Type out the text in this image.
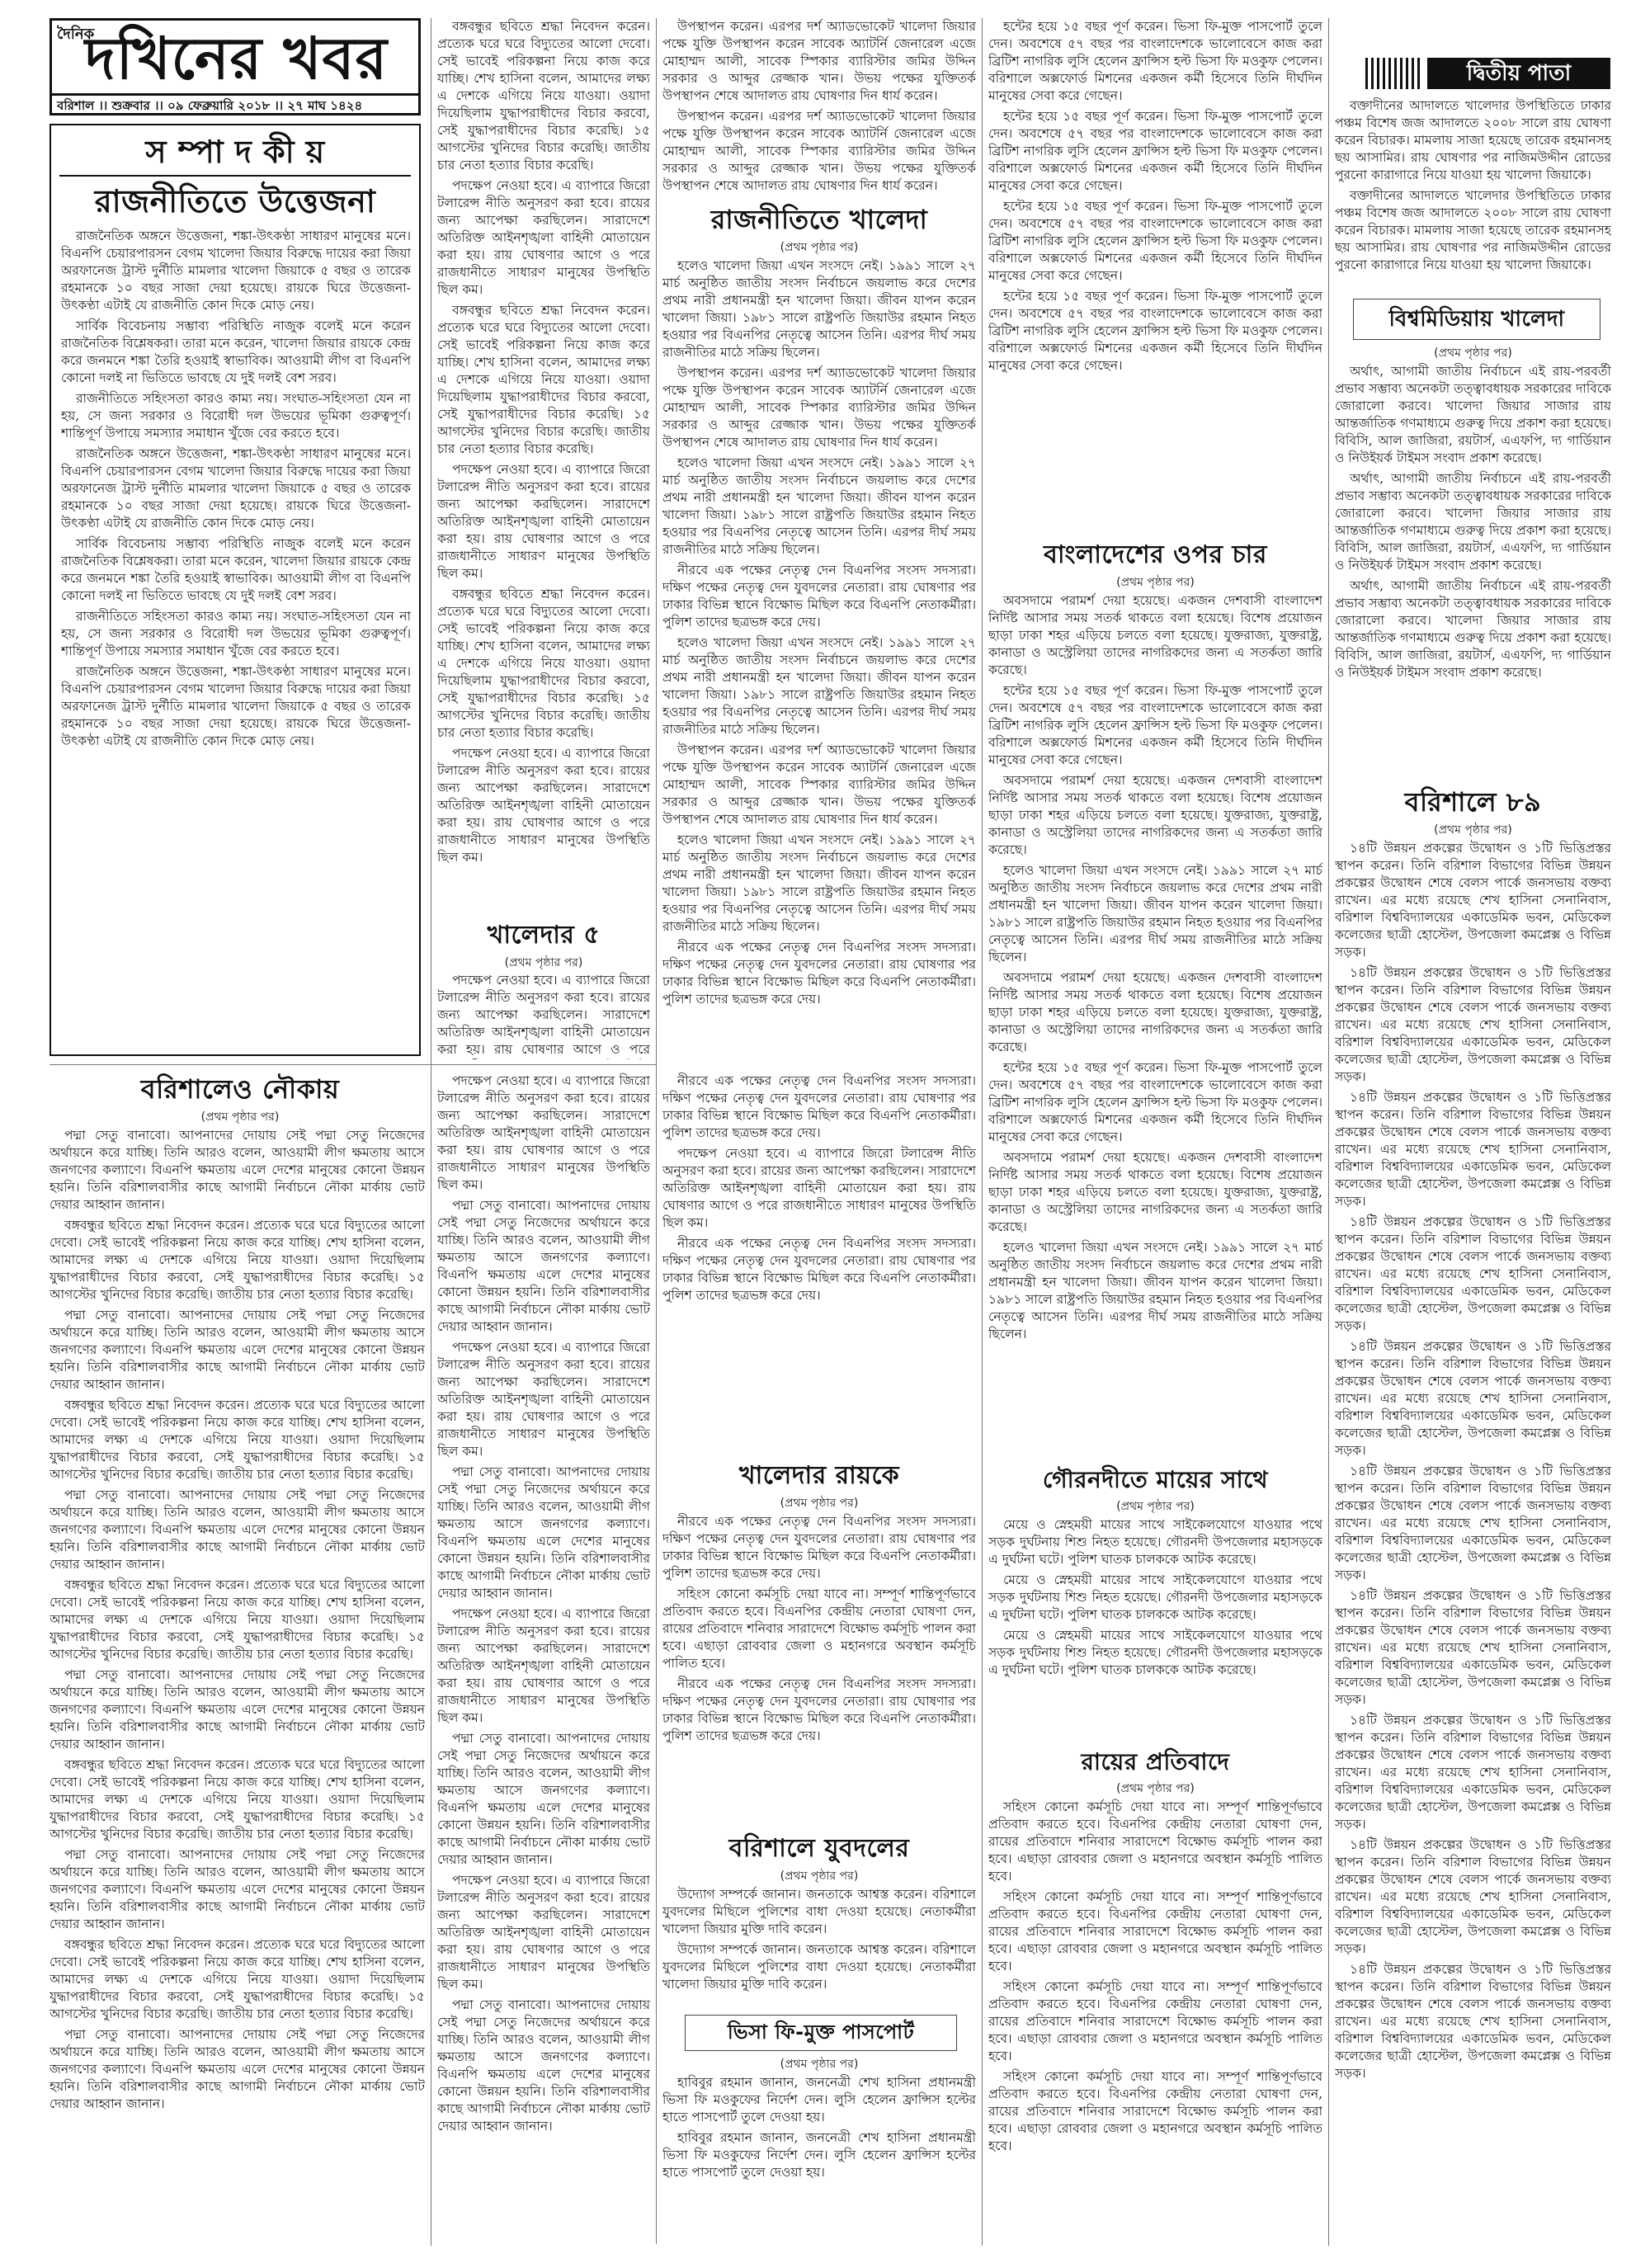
দৈনিক
দখিনের খবর
বরিশাল ।। শুক্রবার ।। ০৯ ফেব্রুয়ারি ২০১৮ ।। ২৭ মাঘ ১৪২৪
দ্বিতীয় পাতা
স ম্পা দ কী য়
রাজনীতিতে উত্তেজনা

রাজনৈতিক অঙ্গনে উত্তেজনা, শঙ্কা-উৎকণ্ঠা সাধারণ মানুষের মনে। বিএনপি চেয়ারপারসন বেগম খালেদা জিয়ার বিরুদ্ধে দায়ের করা জিয়া অরফানেজ ট্রাস্ট দুর্নীতি মামলার খালেদা জিয়াকে ৫ বছর ও তারেক রহমানকে ১০ বছর সাজা দেয়া হয়েছে। রায়কে ঘিরে উত্তেজনা-উৎকণ্ঠা এটাই যে রাজনীতি কোন দিকে মোড় নেয়।

সার্বিক বিবেচনায় সম্ভাব্য পরিস্থিতি নাজুক বলেই মনে করেন রাজনৈতিক বিশ্লেষকরা। তারা মনে করেন, খালেদা জিয়ার রায়কে কেন্দ্র করে জনমনে শঙ্কা তৈরি হওয়াই স্বাভাবিক। আওয়ামী লীগ বা বিএনপি কোনো দলই না ভিতিতে ভাবছে যে দুই দলই বেশ সরব।

রাজনীতিতে সহিংসতা কারও কাম্য নয়। সংঘাত-সহিংসতা যেন না হয়, সে জন্য সরকার ও বিরোধী দল উভয়ের ভূমিকা গুরুত্বপূর্ণ। শান্তিপূর্ণ উপায়ে সমস্যার সমাধান খুঁজে বের করতে হবে।

রাজনৈতিক অঙ্গনে উত্তেজনা, শঙ্কা-উৎকণ্ঠা সাধারণ মানুষের মনে। বিএনপি চেয়ারপারসন বেগম খালেদা জিয়ার বিরুদ্ধে দায়ের করা জিয়া অরফানেজ ট্রাস্ট দুর্নীতি মামলার খালেদা জিয়াকে ৫ বছর ও তারেক রহমানকে ১০ বছর সাজা দেয়া হয়েছে। রায়কে ঘিরে উত্তেজনা-উৎকণ্ঠা এটাই যে রাজনীতি কোন দিকে মোড় নেয়।

সার্বিক বিবেচনায় সম্ভাব্য পরিস্থিতি নাজুক বলেই মনে করেন রাজনৈতিক বিশ্লেষকরা। তারা মনে করেন, খালেদা জিয়ার রায়কে কেন্দ্র করে জনমনে শঙ্কা তৈরি হওয়াই স্বাভাবিক। আওয়ামী লীগ বা বিএনপি কোনো দলই না ভিতিতে ভাবছে যে দুই দলই বেশ সরব।

রাজনীতিতে সহিংসতা কারও কাম্য নয়। সংঘাত-সহিংসতা যেন না হয়, সে জন্য সরকার ও বিরোধী দল উভয়ের ভূমিকা গুরুত্বপূর্ণ। শান্তিপূর্ণ উপায়ে সমস্যার সমাধান খুঁজে বের করতে হবে।

রাজনৈতিক অঙ্গনে উত্তেজনা, শঙ্কা-উৎকণ্ঠা সাধারণ মানুষের মনে। বিএনপি চেয়ারপারসন বেগম খালেদা জিয়ার বিরুদ্ধে দায়ের করা জিয়া অরফানেজ ট্রাস্ট দুর্নীতি মামলার খালেদা জিয়াকে ৫ বছর ও তারেক রহমানকে ১০ বছর সাজা দেয়া হয়েছে। রায়কে ঘিরে উত্তেজনা-উৎকণ্ঠা এটাই যে রাজনীতি কোন দিকে মোড় নেয়।

বঙ্গবন্ধুর ছবিতে শ্রদ্ধা নিবেদন করেন। প্রত্যেক ঘরে ঘরে বিদ্যুতের আলো দেবো। সেই ভাবেই পরিকল্পনা নিয়ে কাজ করে যাচ্ছি। শেখ হাসিনা বলেন, আমাদের লক্ষ্য এ দেশকে এগিয়ে নিয়ে যাওয়া। ওয়াদা দিয়েছিলাম যুদ্ধাপরাধীদের বিচার করবো, সেই যুদ্ধাপরাধীদের বিচার করেছি। ১৫ আগস্টের খুনিদের বিচার করেছি। জাতীয় চার নেতা হত্যার বিচার করেছি।

পদক্ষেপ নেওয়া হবে। এ ব্যাপারে জিরো টলারেন্স নীতি অনুসরণ করা হবে। রায়ের জন্য আপেক্ষা করছিলেন। সারাদেশে অতিরিক্ত আইনশৃঙ্খলা বাহিনী মোতায়েন করা হয়। রায় ঘোষণার আগে ও পরে রাজধানীতে সাধারণ মানুষের উপস্থিতি ছিল কম।

বঙ্গবন্ধুর ছবিতে শ্রদ্ধা নিবেদন করেন। প্রত্যেক ঘরে ঘরে বিদ্যুতের আলো দেবো। সেই ভাবেই পরিকল্পনা নিয়ে কাজ করে যাচ্ছি। শেখ হাসিনা বলেন, আমাদের লক্ষ্য এ দেশকে এগিয়ে নিয়ে যাওয়া। ওয়াদা দিয়েছিলাম যুদ্ধাপরাধীদের বিচার করবো, সেই যুদ্ধাপরাধীদের বিচার করেছি। ১৫ আগস্টের খুনিদের বিচার করেছি। জাতীয় চার নেতা হত্যার বিচার করেছি।

পদক্ষেপ নেওয়া হবে। এ ব্যাপারে জিরো টলারেন্স নীতি অনুসরণ করা হবে। রায়ের জন্য আপেক্ষা করছিলেন। সারাদেশে অতিরিক্ত আইনশৃঙ্খলা বাহিনী মোতায়েন করা হয়। রায় ঘোষণার আগে ও পরে রাজধানীতে সাধারণ মানুষের উপস্থিতি ছিল কম।

বঙ্গবন্ধুর ছবিতে শ্রদ্ধা নিবেদন করেন। প্রত্যেক ঘরে ঘরে বিদ্যুতের আলো দেবো। সেই ভাবেই পরিকল্পনা নিয়ে কাজ করে যাচ্ছি। শেখ হাসিনা বলেন, আমাদের লক্ষ্য এ দেশকে এগিয়ে নিয়ে যাওয়া। ওয়াদা দিয়েছিলাম যুদ্ধাপরাধীদের বিচার করবো, সেই যুদ্ধাপরাধীদের বিচার করেছি। ১৫ আগস্টের খুনিদের বিচার করেছি। জাতীয় চার নেতা হত্যার বিচার করেছি।

পদক্ষেপ নেওয়া হবে। এ ব্যাপারে জিরো টলারেন্স নীতি অনুসরণ করা হবে। রায়ের জন্য আপেক্ষা করছিলেন। সারাদেশে অতিরিক্ত আইনশৃঙ্খলা বাহিনী মোতায়েন করা হয়। রায় ঘোষণার আগে ও পরে রাজধানীতে সাধারণ মানুষের উপস্থিতি ছিল কম।

খালেদার ৫
(প্রথম পৃষ্ঠার পর)

পদক্ষেপ নেওয়া হবে। এ ব্যাপারে জিরো টলারেন্স নীতি অনুসরণ করা হবে। রায়ের জন্য আপেক্ষা করছিলেন। সারাদেশে অতিরিক্ত আইনশৃঙ্খলা বাহিনী মোতায়েন করা হয়। রায় ঘোষণার আগে ও পরে

উপস্থাপন করেন। এরপর দর্শ অ্যাডভোকেট খালেদা জিয়ার পক্ষে যুক্তি উপস্থাপন করেন সাবেক অ্যাটর্নি জেনারেল এজে মোহাম্মদ আলী, সাবেক স্পিকার ব্যারিস্টার জমির উদ্দিন সরকার ও আব্দুর রেজ্জাক খান। উভয় পক্ষের যুক্তিতর্ক উপস্থাপন শেষে আদালত রায় ঘোষণার দিন ধার্য করেন।

উপস্থাপন করেন। এরপর দর্শ অ্যাডভোকেট খালেদা জিয়ার পক্ষে যুক্তি উপস্থাপন করেন সাবেক অ্যাটর্নি জেনারেল এজে মোহাম্মদ আলী, সাবেক স্পিকার ব্যারিস্টার জমির উদ্দিন সরকার ও আব্দুর রেজ্জাক খান। উভয় পক্ষের যুক্তিতর্ক উপস্থাপন শেষে আদালত রায় ঘোষণার দিন ধার্য করেন।

রাজনীতিতে খালেদা
(প্রথম পৃষ্ঠার পর)

হলেও খালেদা জিয়া এখন সংসদে নেই। ১৯৯১ সালে ২৭ মার্চ অনুষ্ঠিত জাতীয় সংসদ নির্বাচনে জয়লাভ করে দেশের প্রথম নারী প্রধানমন্ত্রী হন খালেদা জিয়া। জীবন যাপন করেন খালেদা জিয়া। ১৯৮১ সালে রাষ্ট্রপতি জিয়াউর রহমান নিহত হওয়ার পর বিএনপির নেতৃত্বে আসেন তিনি। এরপর দীর্ঘ সময় রাজনীতির মাঠে সক্রিয় ছিলেন।

উপস্থাপন করেন। এরপর দর্শ অ্যাডভোকেট খালেদা জিয়ার পক্ষে যুক্তি উপস্থাপন করেন সাবেক অ্যাটর্নি জেনারেল এজে মোহাম্মদ আলী, সাবেক স্পিকার ব্যারিস্টার জমির উদ্দিন সরকার ও আব্দুর রেজ্জাক খান। উভয় পক্ষের যুক্তিতর্ক উপস্থাপন শেষে আদালত রায় ঘোষণার দিন ধার্য করেন।

হলেও খালেদা জিয়া এখন সংসদে নেই। ১৯৯১ সালে ২৭ মার্চ অনুষ্ঠিত জাতীয় সংসদ নির্বাচনে জয়লাভ করে দেশের প্রথম নারী প্রধানমন্ত্রী হন খালেদা জিয়া। জীবন যাপন করেন খালেদা জিয়া। ১৯৮১ সালে রাষ্ট্রপতি জিয়াউর রহমান নিহত হওয়ার পর বিএনপির নেতৃত্বে আসেন তিনি। এরপর দীর্ঘ সময় রাজনীতির মাঠে সক্রিয় ছিলেন।

নীরবে এক পক্ষের নেতৃত্ব দেন বিএনপির সংসদ সদস্যরা। দক্ষিণ পক্ষের নেতৃত্ব দেন যুবদলের নেতারা। রায় ঘোষণার পর ঢাকার বিভিন্ন স্থানে বিক্ষোভ মিছিল করে বিএনপি নেতাকর্মীরা। পুলিশ তাদের ছত্রভঙ্গ করে দেয়।

হলেও খালেদা জিয়া এখন সংসদে নেই। ১৯৯১ সালে ২৭ মার্চ অনুষ্ঠিত জাতীয় সংসদ নির্বাচনে জয়লাভ করে দেশের প্রথম নারী প্রধানমন্ত্রী হন খালেদা জিয়া। জীবন যাপন করেন খালেদা জিয়া। ১৯৮১ সালে রাষ্ট্রপতি জিয়াউর রহমান নিহত হওয়ার পর বিএনপির নেতৃত্বে আসেন তিনি। এরপর দীর্ঘ সময় রাজনীতির মাঠে সক্রিয় ছিলেন।

উপস্থাপন করেন। এরপর দর্শ অ্যাডভোকেট খালেদা জিয়ার পক্ষে যুক্তি উপস্থাপন করেন সাবেক অ্যাটর্নি জেনারেল এজে মোহাম্মদ আলী, সাবেক স্পিকার ব্যারিস্টার জমির উদ্দিন সরকার ও আব্দুর রেজ্জাক খান। উভয় পক্ষের যুক্তিতর্ক উপস্থাপন শেষে আদালত রায় ঘোষণার দিন ধার্য করেন।

হলেও খালেদা জিয়া এখন সংসদে নেই। ১৯৯১ সালে ২৭ মার্চ অনুষ্ঠিত জাতীয় সংসদ নির্বাচনে জয়লাভ করে দেশের প্রথম নারী প্রধানমন্ত্রী হন খালেদা জিয়া। জীবন যাপন করেন খালেদা জিয়া। ১৯৮১ সালে রাষ্ট্রপতি জিয়াউর রহমান নিহত হওয়ার পর বিএনপির নেতৃত্বে আসেন তিনি। এরপর দীর্ঘ সময় রাজনীতির মাঠে সক্রিয় ছিলেন।

নীরবে এক পক্ষের নেতৃত্ব দেন বিএনপির সংসদ সদস্যরা। দক্ষিণ পক্ষের নেতৃত্ব দেন যুবদলের নেতারা। রায় ঘোষণার পর ঢাকার বিভিন্ন স্থানে বিক্ষোভ মিছিল করে বিএনপি নেতাকর্মীরা। পুলিশ তাদের ছত্রভঙ্গ করে দেয়।

বরিশালেও নৌকায়
(প্রথম পৃষ্ঠার পর)

পদ্মা সেতু বানাবো। আপনাদের দোয়ায় সেই পদ্মা সেতু নিজেদের অর্থায়নে করে যাচ্ছি। তিনি আরও বলেন, আওয়ামী লীগ ক্ষমতায় আসে জনগণের কল্যাণে। বিএনপি ক্ষমতায় এলে দেশের মানুষের কোনো উন্নয়ন হয়নি। তিনি বরিশালবাসীর কাছে আগামী নির্বাচনে নৌকা মার্কায় ভোট দেয়ার আহ্বান জানান।

বঙ্গবন্ধুর ছবিতে শ্রদ্ধা নিবেদন করেন। প্রত্যেক ঘরে ঘরে বিদ্যুতের আলো দেবো। সেই ভাবেই পরিকল্পনা নিয়ে কাজ করে যাচ্ছি। শেখ হাসিনা বলেন, আমাদের লক্ষ্য এ দেশকে এগিয়ে নিয়ে যাওয়া। ওয়াদা দিয়েছিলাম যুদ্ধাপরাধীদের বিচার করবো, সেই যুদ্ধাপরাধীদের বিচার করেছি। ১৫ আগস্টের খুনিদের বিচার করেছি। জাতীয় চার নেতা হত্যার বিচার করেছি।

পদ্মা সেতু বানাবো। আপনাদের দোয়ায় সেই পদ্মা সেতু নিজেদের অর্থায়নে করে যাচ্ছি। তিনি আরও বলেন, আওয়ামী লীগ ক্ষমতায় আসে জনগণের কল্যাণে। বিএনপি ক্ষমতায় এলে দেশের মানুষের কোনো উন্নয়ন হয়নি। তিনি বরিশালবাসীর কাছে আগামী নির্বাচনে নৌকা মার্কায় ভোট দেয়ার আহ্বান জানান।

বঙ্গবন্ধুর ছবিতে শ্রদ্ধা নিবেদন করেন। প্রত্যেক ঘরে ঘরে বিদ্যুতের আলো দেবো। সেই ভাবেই পরিকল্পনা নিয়ে কাজ করে যাচ্ছি। শেখ হাসিনা বলেন, আমাদের লক্ষ্য এ দেশকে এগিয়ে নিয়ে যাওয়া। ওয়াদা দিয়েছিলাম যুদ্ধাপরাধীদের বিচার করবো, সেই যুদ্ধাপরাধীদের বিচার করেছি। ১৫ আগস্টের খুনিদের বিচার করেছি। জাতীয় চার নেতা হত্যার বিচার করেছি।

পদ্মা সেতু বানাবো। আপনাদের দোয়ায় সেই পদ্মা সেতু নিজেদের অর্থায়নে করে যাচ্ছি। তিনি আরও বলেন, আওয়ামী লীগ ক্ষমতায় আসে জনগণের কল্যাণে। বিএনপি ক্ষমতায় এলে দেশের মানুষের কোনো উন্নয়ন হয়নি। তিনি বরিশালবাসীর কাছে আগামী নির্বাচনে নৌকা মার্কায় ভোট দেয়ার আহ্বান জানান।

বঙ্গবন্ধুর ছবিতে শ্রদ্ধা নিবেদন করেন। প্রত্যেক ঘরে ঘরে বিদ্যুতের আলো দেবো। সেই ভাবেই পরিকল্পনা নিয়ে কাজ করে যাচ্ছি। শেখ হাসিনা বলেন, আমাদের লক্ষ্য এ দেশকে এগিয়ে নিয়ে যাওয়া। ওয়াদা দিয়েছিলাম যুদ্ধাপরাধীদের বিচার করবো, সেই যুদ্ধাপরাধীদের বিচার করেছি। ১৫ আগস্টের খুনিদের বিচার করেছি। জাতীয় চার নেতা হত্যার বিচার করেছি।

পদ্মা সেতু বানাবো। আপনাদের দোয়ায় সেই পদ্মা সেতু নিজেদের অর্থায়নে করে যাচ্ছি। তিনি আরও বলেন, আওয়ামী লীগ ক্ষমতায় আসে জনগণের কল্যাণে। বিএনপি ক্ষমতায় এলে দেশের মানুষের কোনো উন্নয়ন হয়নি। তিনি বরিশালবাসীর কাছে আগামী নির্বাচনে নৌকা মার্কায় ভোট দেয়ার আহ্বান জানান।

বঙ্গবন্ধুর ছবিতে শ্রদ্ধা নিবেদন করেন। প্রত্যেক ঘরে ঘরে বিদ্যুতের আলো দেবো। সেই ভাবেই পরিকল্পনা নিয়ে কাজ করে যাচ্ছি। শেখ হাসিনা বলেন, আমাদের লক্ষ্য এ দেশকে এগিয়ে নিয়ে যাওয়া। ওয়াদা দিয়েছিলাম যুদ্ধাপরাধীদের বিচার করবো, সেই যুদ্ধাপরাধীদের বিচার করেছি। ১৫ আগস্টের খুনিদের বিচার করেছি। জাতীয় চার নেতা হত্যার বিচার করেছি।

পদ্মা সেতু বানাবো। আপনাদের দোয়ায় সেই পদ্মা সেতু নিজেদের অর্থায়নে করে যাচ্ছি। তিনি আরও বলেন, আওয়ামী লীগ ক্ষমতায় আসে জনগণের কল্যাণে। বিএনপি ক্ষমতায় এলে দেশের মানুষের কোনো উন্নয়ন হয়নি। তিনি বরিশালবাসীর কাছে আগামী নির্বাচনে নৌকা মার্কায় ভোট দেয়ার আহ্বান জানান।

বঙ্গবন্ধুর ছবিতে শ্রদ্ধা নিবেদন করেন। প্রত্যেক ঘরে ঘরে বিদ্যুতের আলো দেবো। সেই ভাবেই পরিকল্পনা নিয়ে কাজ করে যাচ্ছি। শেখ হাসিনা বলেন, আমাদের লক্ষ্য এ দেশকে এগিয়ে নিয়ে যাওয়া। ওয়াদা দিয়েছিলাম যুদ্ধাপরাধীদের বিচার করবো, সেই যুদ্ধাপরাধীদের বিচার করেছি। ১৫ আগস্টের খুনিদের বিচার করেছি। জাতীয় চার নেতা হত্যার বিচার করেছি।

পদ্মা সেতু বানাবো। আপনাদের দোয়ায় সেই পদ্মা সেতু নিজেদের অর্থায়নে করে যাচ্ছি। তিনি আরও বলেন, আওয়ামী লীগ ক্ষমতায় আসে জনগণের কল্যাণে। বিএনপি ক্ষমতায় এলে দেশের মানুষের কোনো উন্নয়ন হয়নি। তিনি বরিশালবাসীর কাছে আগামী নির্বাচনে নৌকা মার্কায় ভোট দেয়ার আহ্বান জানান।

পদক্ষেপ নেওয়া হবে। এ ব্যাপারে জিরো টলারেন্স নীতি অনুসরণ করা হবে। রায়ের জন্য আপেক্ষা করছিলেন। সারাদেশে অতিরিক্ত আইনশৃঙ্খলা বাহিনী মোতায়েন করা হয়। রায় ঘোষণার আগে ও পরে রাজধানীতে সাধারণ মানুষের উপস্থিতি ছিল কম।

পদ্মা সেতু বানাবো। আপনাদের দোয়ায় সেই পদ্মা সেতু নিজেদের অর্থায়নে করে যাচ্ছি। তিনি আরও বলেন, আওয়ামী লীগ ক্ষমতায় আসে জনগণের কল্যাণে। বিএনপি ক্ষমতায় এলে দেশের মানুষের কোনো উন্নয়ন হয়নি। তিনি বরিশালবাসীর কাছে আগামী নির্বাচনে নৌকা মার্কায় ভোট দেয়ার আহ্বান জানান।

পদক্ষেপ নেওয়া হবে। এ ব্যাপারে জিরো টলারেন্স নীতি অনুসরণ করা হবে। রায়ের জন্য আপেক্ষা করছিলেন। সারাদেশে অতিরিক্ত আইনশৃঙ্খলা বাহিনী মোতায়েন করা হয়। রায় ঘোষণার আগে ও পরে রাজধানীতে সাধারণ মানুষের উপস্থিতি ছিল কম।

পদ্মা সেতু বানাবো। আপনাদের দোয়ায় সেই পদ্মা সেতু নিজেদের অর্থায়নে করে যাচ্ছি। তিনি আরও বলেন, আওয়ামী লীগ ক্ষমতায় আসে জনগণের কল্যাণে। বিএনপি ক্ষমতায় এলে দেশের মানুষের কোনো উন্নয়ন হয়নি। তিনি বরিশালবাসীর কাছে আগামী নির্বাচনে নৌকা মার্কায় ভোট দেয়ার আহ্বান জানান।

পদক্ষেপ নেওয়া হবে। এ ব্যাপারে জিরো টলারেন্স নীতি অনুসরণ করা হবে। রায়ের জন্য আপেক্ষা করছিলেন। সারাদেশে অতিরিক্ত আইনশৃঙ্খলা বাহিনী মোতায়েন করা হয়। রায় ঘোষণার আগে ও পরে রাজধানীতে সাধারণ মানুষের উপস্থিতি ছিল কম।

পদ্মা সেতু বানাবো। আপনাদের দোয়ায় সেই পদ্মা সেতু নিজেদের অর্থায়নে করে যাচ্ছি। তিনি আরও বলেন, আওয়ামী লীগ ক্ষমতায় আসে জনগণের কল্যাণে। বিএনপি ক্ষমতায় এলে দেশের মানুষের কোনো উন্নয়ন হয়নি। তিনি বরিশালবাসীর কাছে আগামী নির্বাচনে নৌকা মার্কায় ভোট দেয়ার আহ্বান জানান।

পদক্ষেপ নেওয়া হবে। এ ব্যাপারে জিরো টলারেন্স নীতি অনুসরণ করা হবে। রায়ের জন্য আপেক্ষা করছিলেন। সারাদেশে অতিরিক্ত আইনশৃঙ্খলা বাহিনী মোতায়েন করা হয়। রায় ঘোষণার আগে ও পরে রাজধানীতে সাধারণ মানুষের উপস্থিতি ছিল কম।

পদ্মা সেতু বানাবো। আপনাদের দোয়ায় সেই পদ্মা সেতু নিজেদের অর্থায়নে করে যাচ্ছি। তিনি আরও বলেন, আওয়ামী লীগ ক্ষমতায় আসে জনগণের কল্যাণে। বিএনপি ক্ষমতায় এলে দেশের মানুষের কোনো উন্নয়ন হয়নি। তিনি বরিশালবাসীর কাছে আগামী নির্বাচনে নৌকা মার্কায় ভোট দেয়ার আহ্বান জানান।

নীরবে এক পক্ষের নেতৃত্ব দেন বিএনপির সংসদ সদস্যরা। দক্ষিণ পক্ষের নেতৃত্ব দেন যুবদলের নেতারা। রায় ঘোষণার পর ঢাকার বিভিন্ন স্থানে বিক্ষোভ মিছিল করে বিএনপি নেতাকর্মীরা। পুলিশ তাদের ছত্রভঙ্গ করে দেয়।

পদক্ষেপ নেওয়া হবে। এ ব্যাপারে জিরো টলারেন্স নীতি অনুসরণ করা হবে। রায়ের জন্য আপেক্ষা করছিলেন। সারাদেশে অতিরিক্ত আইনশৃঙ্খলা বাহিনী মোতায়েন করা হয়। রায় ঘোষণার আগে ও পরে রাজধানীতে সাধারণ মানুষের উপস্থিতি ছিল কম।

নীরবে এক পক্ষের নেতৃত্ব দেন বিএনপির সংসদ সদস্যরা। দক্ষিণ পক্ষের নেতৃত্ব দেন যুবদলের নেতারা। রায় ঘোষণার পর ঢাকার বিভিন্ন স্থানে বিক্ষোভ মিছিল করে বিএনপি নেতাকর্মীরা। পুলিশ তাদের ছত্রভঙ্গ করে দেয়।

খালেদার রায়কে
(প্রথম পৃষ্ঠার পর)

নীরবে এক পক্ষের নেতৃত্ব দেন বিএনপির সংসদ সদস্যরা। দক্ষিণ পক্ষের নেতৃত্ব দেন যুবদলের নেতারা। রায় ঘোষণার পর ঢাকার বিভিন্ন স্থানে বিক্ষোভ মিছিল করে বিএনপি নেতাকর্মীরা। পুলিশ তাদের ছত্রভঙ্গ করে দেয়।

সহিংস কোনো কর্মসূচি দেয়া যাবে না। সম্পূর্ণ শান্তিপূর্ণভাবে প্রতিবাদ করতে হবে। বিএনপির কেন্দ্রীয় নেতারা ঘোষণা দেন, রায়ের প্রতিবাদে শনিবার সারাদেশে বিক্ষোভ কর্মসূচি পালন করা হবে। এছাড়া রোববার জেলা ও মহানগরে অবস্থান কর্মসূচি পালিত হবে।

নীরবে এক পক্ষের নেতৃত্ব দেন বিএনপির সংসদ সদস্যরা। দক্ষিণ পক্ষের নেতৃত্ব দেন যুবদলের নেতারা। রায় ঘোষণার পর ঢাকার বিভিন্ন স্থানে বিক্ষোভ মিছিল করে বিএনপি নেতাকর্মীরা। পুলিশ তাদের ছত্রভঙ্গ করে দেয়।

বরিশালে যুবদলের
(প্রথম পৃষ্ঠার পর)

উদ্যোগ সম্পর্কে জানান। জনতাকে আশ্বস্ত করেন। বরিশালে যুবদলের মিছিলে পুলিশের বাধা দেওয়া হয়েছে। নেতাকর্মীরা খালেদা জিয়ার মুক্তি দাবি করেন।

উদ্যোগ সম্পর্কে জানান। জনতাকে আশ্বস্ত করেন। বরিশালে যুবদলের মিছিলে পুলিশের বাধা দেওয়া হয়েছে। নেতাকর্মীরা খালেদা জিয়ার মুক্তি দাবি করেন।

ভিসা ফি-মুক্ত পাসপোর্ট
(প্রথম পৃষ্ঠার পর)

হাবিবুর রহমান জানান, জননেত্রী শেখ হাসিনা প্রধানমন্ত্রী ভিসা ফি মওকুফের নির্দেশ দেন। লুসি হেলেন ফ্রান্সিস হল্টের হাতে পাসপোর্ট তুলে দেওয়া হয়।

হাবিবুর রহমান জানান, জননেত্রী শেখ হাসিনা প্রধানমন্ত্রী ভিসা ফি মওকুফের নির্দেশ দেন। লুসি হেলেন ফ্রান্সিস হল্টের হাতে পাসপোর্ট তুলে দেওয়া হয়।

হন্টের হয়ে ১৫ বছর পূর্ণ করেন। ভিসা ফি-মুক্ত পাসপোর্ট তুলে দেন। অবশেষে ৫৭ বছর পর বাংলাদেশকে ভালোবেসে কাজ করা ব্রিটিশ নাগরিক লুসি হেলেন ফ্রান্সিস হল্ট ভিসা ফি মওকুফ পেলেন। বরিশালে অক্সফোর্ড মিশনের একজন কর্মী হিসেবে তিনি দীর্ঘদিন মানুষের সেবা করে গেছেন।

হন্টের হয়ে ১৫ বছর পূর্ণ করেন। ভিসা ফি-মুক্ত পাসপোর্ট তুলে দেন। অবশেষে ৫৭ বছর পর বাংলাদেশকে ভালোবেসে কাজ করা ব্রিটিশ নাগরিক লুসি হেলেন ফ্রান্সিস হল্ট ভিসা ফি মওকুফ পেলেন। বরিশালে অক্সফোর্ড মিশনের একজন কর্মী হিসেবে তিনি দীর্ঘদিন মানুষের সেবা করে গেছেন।

হন্টের হয়ে ১৫ বছর পূর্ণ করেন। ভিসা ফি-মুক্ত পাসপোর্ট তুলে দেন। অবশেষে ৫৭ বছর পর বাংলাদেশকে ভালোবেসে কাজ করা ব্রিটিশ নাগরিক লুসি হেলেন ফ্রান্সিস হল্ট ভিসা ফি মওকুফ পেলেন। বরিশালে অক্সফোর্ড মিশনের একজন কর্মী হিসেবে তিনি দীর্ঘদিন মানুষের সেবা করে গেছেন।

হন্টের হয়ে ১৫ বছর পূর্ণ করেন। ভিসা ফি-মুক্ত পাসপোর্ট তুলে দেন। অবশেষে ৫৭ বছর পর বাংলাদেশকে ভালোবেসে কাজ করা ব্রিটিশ নাগরিক লুসি হেলেন ফ্রান্সিস হল্ট ভিসা ফি মওকুফ পেলেন। বরিশালে অক্সফোর্ড মিশনের একজন কর্মী হিসেবে তিনি দীর্ঘদিন মানুষের সেবা করে গেছেন।

বাংলাদেশের ওপর চার
(প্রথম পৃষ্ঠার পর)

অবসদামে পরামর্শ দেয়া হয়েছে। একজন দেশবাসী বাংলাদেশ নির্দিষ্ট আসার সময় সতর্ক থাকতে বলা হয়েছে। বিশেষ প্রয়োজন ছাড়া ঢাকা শহর এড়িয়ে চলতে বলা হয়েছে। যুক্তরাজ্য, যুক্তরাষ্ট্র, কানাডা ও অস্ট্রেলিয়া তাদের নাগরিকদের জন্য এ সতর্কতা জারি করেছে।

হন্টের হয়ে ১৫ বছর পূর্ণ করেন। ভিসা ফি-মুক্ত পাসপোর্ট তুলে দেন। অবশেষে ৫৭ বছর পর বাংলাদেশকে ভালোবেসে কাজ করা ব্রিটিশ নাগরিক লুসি হেলেন ফ্রান্সিস হল্ট ভিসা ফি মওকুফ পেলেন। বরিশালে অক্সফোর্ড মিশনের একজন কর্মী হিসেবে তিনি দীর্ঘদিন মানুষের সেবা করে গেছেন।

অবসদামে পরামর্শ দেয়া হয়েছে। একজন দেশবাসী বাংলাদেশ নির্দিষ্ট আসার সময় সতর্ক থাকতে বলা হয়েছে। বিশেষ প্রয়োজন ছাড়া ঢাকা শহর এড়িয়ে চলতে বলা হয়েছে। যুক্তরাজ্য, যুক্তরাষ্ট্র, কানাডা ও অস্ট্রেলিয়া তাদের নাগরিকদের জন্য এ সতর্কতা জারি করেছে।

হলেও খালেদা জিয়া এখন সংসদে নেই। ১৯৯১ সালে ২৭ মার্চ অনুষ্ঠিত জাতীয় সংসদ নির্বাচনে জয়লাভ করে দেশের প্রথম নারী প্রধানমন্ত্রী হন খালেদা জিয়া। জীবন যাপন করেন খালেদা জিয়া। ১৯৮১ সালে রাষ্ট্রপতি জিয়াউর রহমান নিহত হওয়ার পর বিএনপির নেতৃত্বে আসেন তিনি। এরপর দীর্ঘ সময় রাজনীতির মাঠে সক্রিয় ছিলেন।

অবসদামে পরামর্শ দেয়া হয়েছে। একজন দেশবাসী বাংলাদেশ নির্দিষ্ট আসার সময় সতর্ক থাকতে বলা হয়েছে। বিশেষ প্রয়োজন ছাড়া ঢাকা শহর এড়িয়ে চলতে বলা হয়েছে। যুক্তরাজ্য, যুক্তরাষ্ট্র, কানাডা ও অস্ট্রেলিয়া তাদের নাগরিকদের জন্য এ সতর্কতা জারি করেছে।

হন্টের হয়ে ১৫ বছর পূর্ণ করেন। ভিসা ফি-মুক্ত পাসপোর্ট তুলে দেন। অবশেষে ৫৭ বছর পর বাংলাদেশকে ভালোবেসে কাজ করা ব্রিটিশ নাগরিক লুসি হেলেন ফ্রান্সিস হল্ট ভিসা ফি মওকুফ পেলেন। বরিশালে অক্সফোর্ড মিশনের একজন কর্মী হিসেবে তিনি দীর্ঘদিন মানুষের সেবা করে গেছেন।

অবসদামে পরামর্শ দেয়া হয়েছে। একজন দেশবাসী বাংলাদেশ নির্দিষ্ট আসার সময় সতর্ক থাকতে বলা হয়েছে। বিশেষ প্রয়োজন ছাড়া ঢাকা শহর এড়িয়ে চলতে বলা হয়েছে। যুক্তরাজ্য, যুক্তরাষ্ট্র, কানাডা ও অস্ট্রেলিয়া তাদের নাগরিকদের জন্য এ সতর্কতা জারি করেছে।

হলেও খালেদা জিয়া এখন সংসদে নেই। ১৯৯১ সালে ২৭ মার্চ অনুষ্ঠিত জাতীয় সংসদ নির্বাচনে জয়লাভ করে দেশের প্রথম নারী প্রধানমন্ত্রী হন খালেদা জিয়া। জীবন যাপন করেন খালেদা জিয়া। ১৯৮১ সালে রাষ্ট্রপতি জিয়াউর রহমান নিহত হওয়ার পর বিএনপির নেতৃত্বে আসেন তিনি। এরপর দীর্ঘ সময় রাজনীতির মাঠে সক্রিয় ছিলেন।

গৌরনদীতে মায়ের সাথে
(প্রথম পৃষ্ঠার পর)

মেয়ে ও স্নেহময়ী মায়ের সাথে সাইকেলযোগে যাওয়ার পথে সড়ক দুর্ঘটনায় শিশু নিহত হয়েছে। গৌরনদী উপজেলার মহাসড়কে এ দুর্ঘটনা ঘটে। পুলিশ ঘাতক চালককে আটক করেছে।

মেয়ে ও স্নেহময়ী মায়ের সাথে সাইকেলযোগে যাওয়ার পথে সড়ক দুর্ঘটনায় শিশু নিহত হয়েছে। গৌরনদী উপজেলার মহাসড়কে এ দুর্ঘটনা ঘটে। পুলিশ ঘাতক চালককে আটক করেছে।

মেয়ে ও স্নেহময়ী মায়ের সাথে সাইকেলযোগে যাওয়ার পথে সড়ক দুর্ঘটনায় শিশু নিহত হয়েছে। গৌরনদী উপজেলার মহাসড়কে এ দুর্ঘটনা ঘটে। পুলিশ ঘাতক চালককে আটক করেছে।

রায়ের প্রতিবাদে
(প্রথম পৃষ্ঠার পর)

সহিংস কোনো কর্মসূচি দেয়া যাবে না। সম্পূর্ণ শান্তিপূর্ণভাবে প্রতিবাদ করতে হবে। বিএনপির কেন্দ্রীয় নেতারা ঘোষণা দেন, রায়ের প্রতিবাদে শনিবার সারাদেশে বিক্ষোভ কর্মসূচি পালন করা হবে। এছাড়া রোববার জেলা ও মহানগরে অবস্থান কর্মসূচি পালিত হবে।

সহিংস কোনো কর্মসূচি দেয়া যাবে না। সম্পূর্ণ শান্তিপূর্ণভাবে প্রতিবাদ করতে হবে। বিএনপির কেন্দ্রীয় নেতারা ঘোষণা দেন, রায়ের প্রতিবাদে শনিবার সারাদেশে বিক্ষোভ কর্মসূচি পালন করা হবে। এছাড়া রোববার জেলা ও মহানগরে অবস্থান কর্মসূচি পালিত হবে।

সহিংস কোনো কর্মসূচি দেয়া যাবে না। সম্পূর্ণ শান্তিপূর্ণভাবে প্রতিবাদ করতে হবে। বিএনপির কেন্দ্রীয় নেতারা ঘোষণা দেন, রায়ের প্রতিবাদে শনিবার সারাদেশে বিক্ষোভ কর্মসূচি পালন করা হবে। এছাড়া রোববার জেলা ও মহানগরে অবস্থান কর্মসূচি পালিত হবে।

সহিংস কোনো কর্মসূচি দেয়া যাবে না। সম্পূর্ণ শান্তিপূর্ণভাবে প্রতিবাদ করতে হবে। বিএনপির কেন্দ্রীয় নেতারা ঘোষণা দেন, রায়ের প্রতিবাদে শনিবার সারাদেশে বিক্ষোভ কর্মসূচি পালন করা হবে। এছাড়া রোববার জেলা ও মহানগরে অবস্থান কর্মসূচি পালিত হবে।

বক্তাদীনের আদালতে খালেদার উপস্থিতিতে ঢাকার পঞ্চম বিশেষ জজ আদালতে ২০০৮ সালে রায় ঘোষণা করেন বিচারক। মামলায় সাজা হয়েছে তারেক রহমানসহ ছয় আসামির। রায় ঘোষণার পর নাজিমউদ্দীন রোডের পুরনো কারাগারে নিয়ে যাওয়া হয় খালেদা জিয়াকে।

বক্তাদীনের আদালতে খালেদার উপস্থিতিতে ঢাকার পঞ্চম বিশেষ জজ আদালতে ২০০৮ সালে রায় ঘোষণা করেন বিচারক। মামলায় সাজা হয়েছে তারেক রহমানসহ ছয় আসামির। রায় ঘোষণার পর নাজিমউদ্দীন রোডের পুরনো কারাগারে নিয়ে যাওয়া হয় খালেদা জিয়াকে।

বিশ্বমিডিয়ায় খালেদা
(প্রথম পৃষ্ঠার পর)

অর্থাৎ, আগামী জাতীয় নির্বাচনে এই রায়-পরবর্তী প্রভাব সম্ভাব্য অনেকটা তত্ত্বাবধায়ক সরকারের দাবিকে জোরালো করবে। খালেদা জিয়ার সাজার রায় আন্তর্জাতিক গণমাধ্যমে গুরুত্ব দিয়ে প্রকাশ করা হয়েছে। বিবিসি, আল জাজিরা, রয়টার্স, এএফপি, দ্য গার্ডিয়ান ও নিউইয়র্ক টাইমস সংবাদ প্রকাশ করেছে।

অর্থাৎ, আগামী জাতীয় নির্বাচনে এই রায়-পরবর্তী প্রভাব সম্ভাব্য অনেকটা তত্ত্বাবধায়ক সরকারের দাবিকে জোরালো করবে। খালেদা জিয়ার সাজার রায় আন্তর্জাতিক গণমাধ্যমে গুরুত্ব দিয়ে প্রকাশ করা হয়েছে। বিবিসি, আল জাজিরা, রয়টার্স, এএফপি, দ্য গার্ডিয়ান ও নিউইয়র্ক টাইমস সংবাদ প্রকাশ করেছে।

অর্থাৎ, আগামী জাতীয় নির্বাচনে এই রায়-পরবর্তী প্রভাব সম্ভাব্য অনেকটা তত্ত্বাবধায়ক সরকারের দাবিকে জোরালো করবে। খালেদা জিয়ার সাজার রায় আন্তর্জাতিক গণমাধ্যমে গুরুত্ব দিয়ে প্রকাশ করা হয়েছে। বিবিসি, আল জাজিরা, রয়টার্স, এএফপি, দ্য গার্ডিয়ান ও নিউইয়র্ক টাইমস সংবাদ প্রকাশ করেছে।

বরিশালে ৮৯
(প্রথম পৃষ্ঠার পর)

১৪টি উন্নয়ন প্রকল্পের উদ্বোধন ও ১টি ভিত্তিপ্রস্তর স্থাপন করেন। তিনি বরিশাল বিভাগের বিভিন্ন উন্নয়ন প্রকল্পের উদ্বোধন শেষে বেলস পার্কে জনসভায় বক্তব্য রাখেন। এর মধ্যে রয়েছে শেখ হাসিনা সেনানিবাস, বরিশাল বিশ্ববিদ্যালয়ের একাডেমিক ভবন, মেডিকেল কলেজের ছাত্রী হোস্টেল, উপজেলা কমপ্লেক্স ও বিভিন্ন সড়ক।

১৪টি উন্নয়ন প্রকল্পের উদ্বোধন ও ১টি ভিত্তিপ্রস্তর স্থাপন করেন। তিনি বরিশাল বিভাগের বিভিন্ন উন্নয়ন প্রকল্পের উদ্বোধন শেষে বেলস পার্কে জনসভায় বক্তব্য রাখেন। এর মধ্যে রয়েছে শেখ হাসিনা সেনানিবাস, বরিশাল বিশ্ববিদ্যালয়ের একাডেমিক ভবন, মেডিকেল কলেজের ছাত্রী হোস্টেল, উপজেলা কমপ্লেক্স ও বিভিন্ন সড়ক।

১৪টি উন্নয়ন প্রকল্পের উদ্বোধন ও ১টি ভিত্তিপ্রস্তর স্থাপন করেন। তিনি বরিশাল বিভাগের বিভিন্ন উন্নয়ন প্রকল্পের উদ্বোধন শেষে বেলস পার্কে জনসভায় বক্তব্য রাখেন। এর মধ্যে রয়েছে শেখ হাসিনা সেনানিবাস, বরিশাল বিশ্ববিদ্যালয়ের একাডেমিক ভবন, মেডিকেল কলেজের ছাত্রী হোস্টেল, উপজেলা কমপ্লেক্স ও বিভিন্ন সড়ক।

১৪টি উন্নয়ন প্রকল্পের উদ্বোধন ও ১টি ভিত্তিপ্রস্তর স্থাপন করেন। তিনি বরিশাল বিভাগের বিভিন্ন উন্নয়ন প্রকল্পের উদ্বোধন শেষে বেলস পার্কে জনসভায় বক্তব্য রাখেন। এর মধ্যে রয়েছে শেখ হাসিনা সেনানিবাস, বরিশাল বিশ্ববিদ্যালয়ের একাডেমিক ভবন, মেডিকেল কলেজের ছাত্রী হোস্টেল, উপজেলা কমপ্লেক্স ও বিভিন্ন সড়ক।

১৪টি উন্নয়ন প্রকল্পের উদ্বোধন ও ১টি ভিত্তিপ্রস্তর স্থাপন করেন। তিনি বরিশাল বিভাগের বিভিন্ন উন্নয়ন প্রকল্পের উদ্বোধন শেষে বেলস পার্কে জনসভায় বক্তব্য রাখেন। এর মধ্যে রয়েছে শেখ হাসিনা সেনানিবাস, বরিশাল বিশ্ববিদ্যালয়ের একাডেমিক ভবন, মেডিকেল কলেজের ছাত্রী হোস্টেল, উপজেলা কমপ্লেক্স ও বিভিন্ন সড়ক।

১৪টি উন্নয়ন প্রকল্পের উদ্বোধন ও ১টি ভিত্তিপ্রস্তর স্থাপন করেন। তিনি বরিশাল বিভাগের বিভিন্ন উন্নয়ন প্রকল্পের উদ্বোধন শেষে বেলস পার্কে জনসভায় বক্তব্য রাখেন। এর মধ্যে রয়েছে শেখ হাসিনা সেনানিবাস, বরিশাল বিশ্ববিদ্যালয়ের একাডেমিক ভবন, মেডিকেল কলেজের ছাত্রী হোস্টেল, উপজেলা কমপ্লেক্স ও বিভিন্ন সড়ক।

১৪টি উন্নয়ন প্রকল্পের উদ্বোধন ও ১টি ভিত্তিপ্রস্তর স্থাপন করেন। তিনি বরিশাল বিভাগের বিভিন্ন উন্নয়ন প্রকল্পের উদ্বোধন শেষে বেলস পার্কে জনসভায় বক্তব্য রাখেন। এর মধ্যে রয়েছে শেখ হাসিনা সেনানিবাস, বরিশাল বিশ্ববিদ্যালয়ের একাডেমিক ভবন, মেডিকেল কলেজের ছাত্রী হোস্টেল, উপজেলা কমপ্লেক্স ও বিভিন্ন সড়ক।

১৪টি উন্নয়ন প্রকল্পের উদ্বোধন ও ১টি ভিত্তিপ্রস্তর স্থাপন করেন। তিনি বরিশাল বিভাগের বিভিন্ন উন্নয়ন প্রকল্পের উদ্বোধন শেষে বেলস পার্কে জনসভায় বক্তব্য রাখেন। এর মধ্যে রয়েছে শেখ হাসিনা সেনানিবাস, বরিশাল বিশ্ববিদ্যালয়ের একাডেমিক ভবন, মেডিকেল কলেজের ছাত্রী হোস্টেল, উপজেলা কমপ্লেক্স ও বিভিন্ন সড়ক।

১৪টি উন্নয়ন প্রকল্পের উদ্বোধন ও ১টি ভিত্তিপ্রস্তর স্থাপন করেন। তিনি বরিশাল বিভাগের বিভিন্ন উন্নয়ন প্রকল্পের উদ্বোধন শেষে বেলস পার্কে জনসভায় বক্তব্য রাখেন। এর মধ্যে রয়েছে শেখ হাসিনা সেনানিবাস, বরিশাল বিশ্ববিদ্যালয়ের একাডেমিক ভবন, মেডিকেল কলেজের ছাত্রী হোস্টেল, উপজেলা কমপ্লেক্স ও বিভিন্ন সড়ক।

১৪টি উন্নয়ন প্রকল্পের উদ্বোধন ও ১টি ভিত্তিপ্রস্তর স্থাপন করেন। তিনি বরিশাল বিভাগের বিভিন্ন উন্নয়ন প্রকল্পের উদ্বোধন শেষে বেলস পার্কে জনসভায় বক্তব্য রাখেন। এর মধ্যে রয়েছে শেখ হাসিনা সেনানিবাস, বরিশাল বিশ্ববিদ্যালয়ের একাডেমিক ভবন, মেডিকেল কলেজের ছাত্রী হোস্টেল, উপজেলা কমপ্লেক্স ও বিভিন্ন সড়ক।
